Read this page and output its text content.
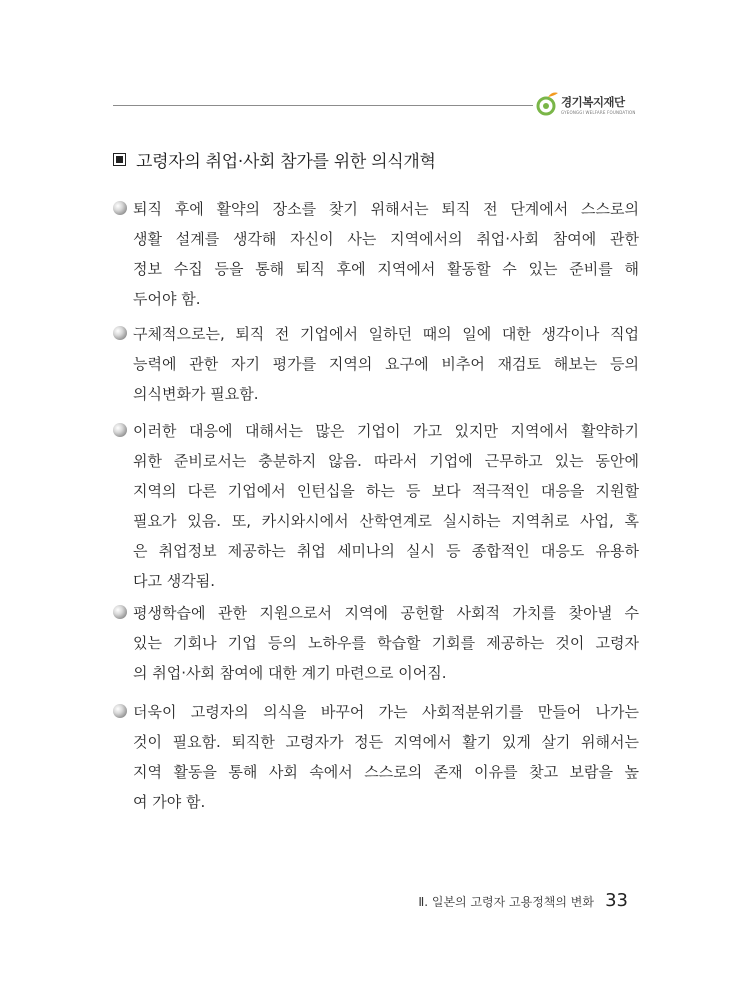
경기복지재단
GYEONGGI WELFARE FOUNDATION
고령자의 취업·사회 참가를 위한 의식개혁
퇴직 후에 활약의 장소를 찾기 위해서는 퇴직 전 단계에서 스스로의
생활 설계를 생각해 자신이 사는 지역에서의 취업·사회 참여에 관한
정보 수집 등을 통해 퇴직 후에 지역에서 활동할 수 있는 준비를 해
두어야 함.
구체적으로는, 퇴직 전 기업에서 일하던 때의 일에 대한 생각이나 직업
능력에 관한 자기 평가를 지역의 요구에 비추어 재검토 해보는 등의
의식변화가 필요함.
이러한 대응에 대해서는 많은 기업이 가고 있지만 지역에서 활약하기
위한 준비로서는 충분하지 않음. 따라서 기업에 근무하고 있는 동안에
지역의 다른 기업에서 인턴십을 하는 등 보다 적극적인 대응을 지원할
필요가 있음. 또, 카시와시에서 산학연계로 실시하는 지역취로 사업, 혹
은 취업정보 제공하는 취업 세미나의 실시 등 종합적인 대응도 유용하
다고 생각됨.
평생학습에 관한 지원으로서 지역에 공헌할 사회적 가치를 찾아낼 수
있는 기회나 기업 등의 노하우를 학습할 기회를 제공하는 것이 고령자
의 취업·사회 참여에 대한 계기 마련으로 이어짐.
더욱이 고령자의 의식을 바꾸어 가는 사회적분위기를 만들어 나가는
것이 필요함. 퇴직한 고령자가 정든 지역에서 활기 있게 살기 위해서는
지역 활동을 통해 사회 속에서 스스로의 존재 이유를 찾고 보람을 높
여 가야 함.
Ⅱ. 일본의 고령자 고용정책의 변화 33
